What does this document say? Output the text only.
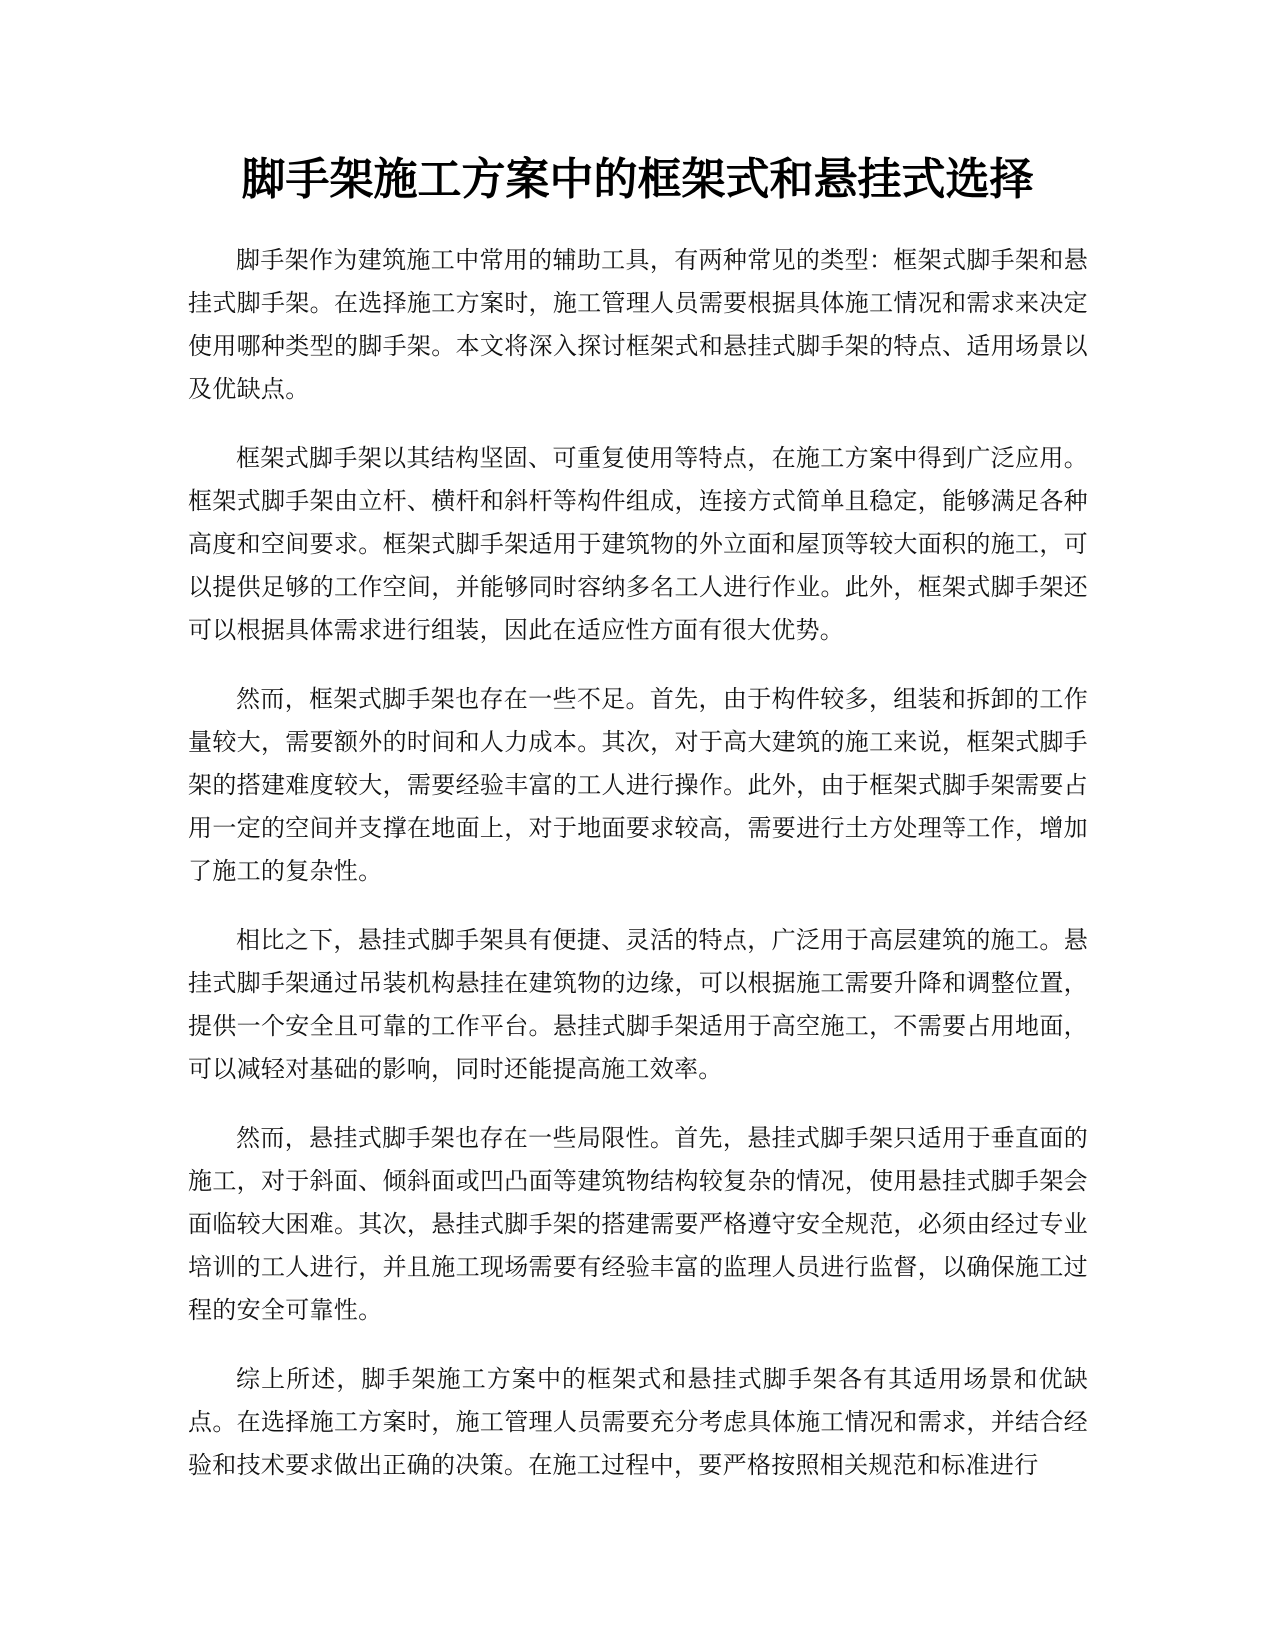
脚手架施工方案中的框架式和悬挂式选择

脚手架作为建筑施工中常用的辅助工具，有两种常见的类型：框架式脚手架和悬挂式脚手架。在选择施工方案时，施工管理人员需要根据具体施工情况和需求来决定使用哪种类型的脚手架。本文将深入探讨框架式和悬挂式脚手架的特点、适用场景以及优缺点。

框架式脚手架以其结构坚固、可重复使用等特点，在施工方案中得到广泛应用。框架式脚手架由立杆、横杆和斜杆等构件组成，连接方式简单且稳定，能够满足各种高度和空间要求。框架式脚手架适用于建筑物的外立面和屋顶等较大面积的施工，可以提供足够的工作空间，并能够同时容纳多名工人进行作业。此外，框架式脚手架还可以根据具体需求进行组装，因此在适应性方面有很大优势。

然而，框架式脚手架也存在一些不足。首先，由于构件较多，组装和拆卸的工作量较大，需要额外的时间和人力成本。其次，对于高大建筑的施工来说，框架式脚手架的搭建难度较大，需要经验丰富的工人进行操作。此外，由于框架式脚手架需要占用一定的空间并支撑在地面上，对于地面要求较高，需要进行土方处理等工作，增加了施工的复杂性。

相比之下，悬挂式脚手架具有便捷、灵活的特点，广泛用于高层建筑的施工。悬挂式脚手架通过吊装机构悬挂在建筑物的边缘，可以根据施工需要升降和调整位置，提供一个安全且可靠的工作平台。悬挂式脚手架适用于高空施工，不需要占用地面，可以减轻对基础的影响，同时还能提高施工效率。

然而，悬挂式脚手架也存在一些局限性。首先，悬挂式脚手架只适用于垂直面的施工，对于斜面、倾斜面或凹凸面等建筑物结构较复杂的情况，使用悬挂式脚手架会面临较大困难。其次，悬挂式脚手架的搭建需要严格遵守安全规范，必须由经过专业培训的工人进行，并且施工现场需要有经验丰富的监理人员进行监督，以确保施工过程的安全可靠性。

综上所述，脚手架施工方案中的框架式和悬挂式脚手架各有其适用场景和优缺点。在选择施工方案时，施工管理人员需要充分考虑具体施工情况和需求，并结合经验和技术要求做出正确的决策。在施工过程中，要严格按照相关规范和标准进行
